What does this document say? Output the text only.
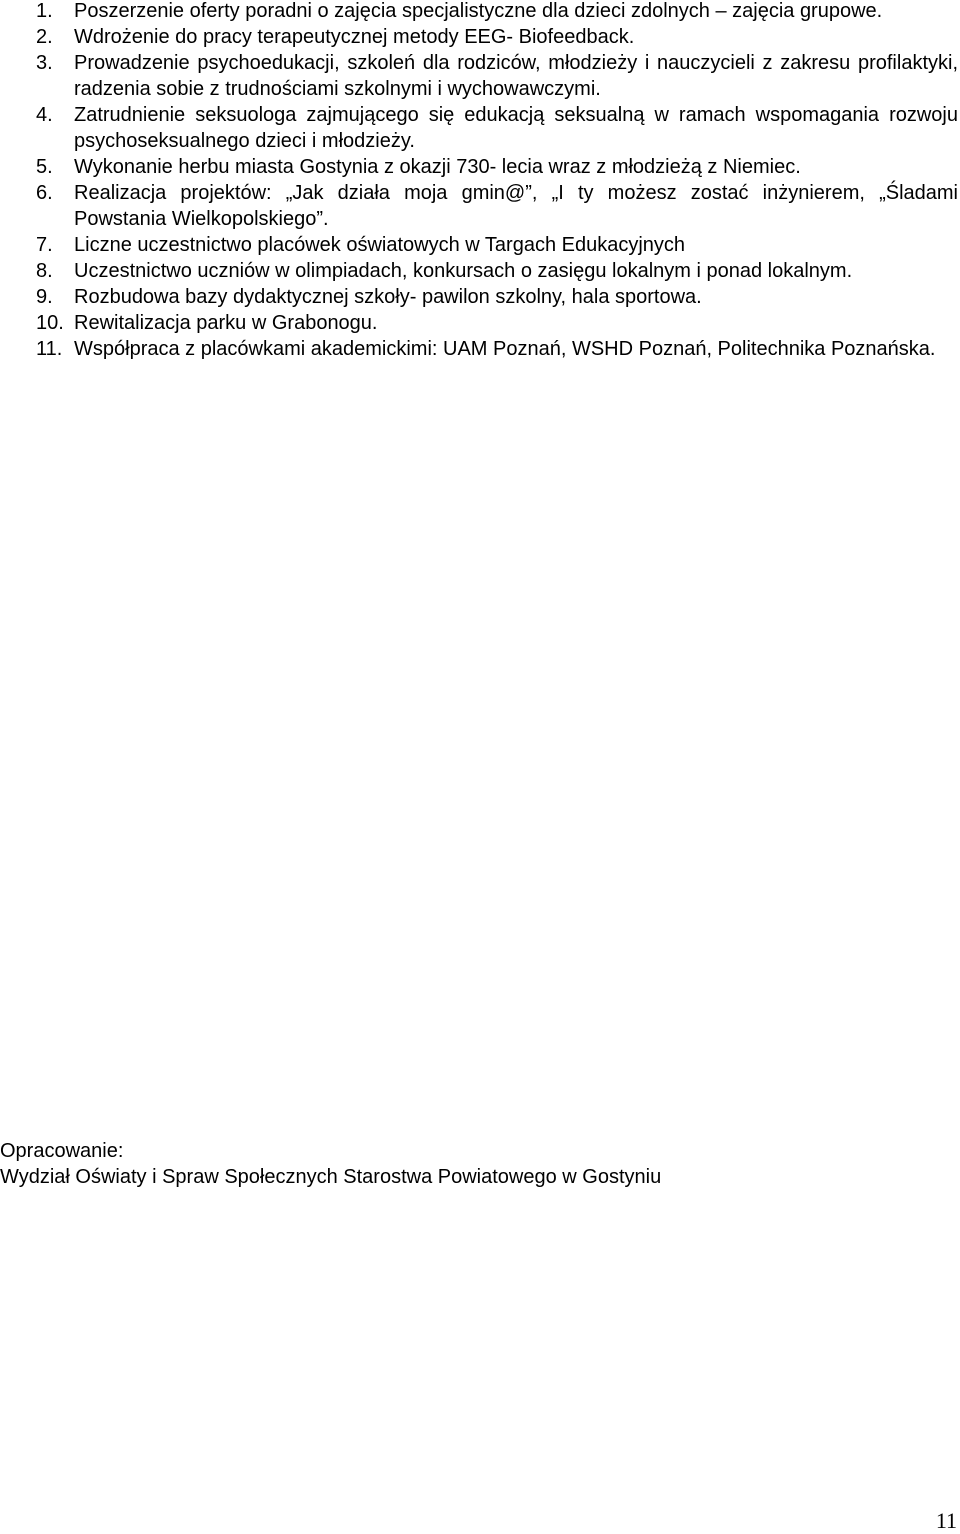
1. Poszerzenie oferty poradni o zajęcia specjalistyczne dla dzieci zdolnych – zajęcia grupowe.
2. Wdrożenie do pracy terapeutycznej metody EEG- Biofeedback.
3. Prowadzenie psychoedukacji, szkoleń dla rodziców, młodzieży i nauczycieli z zakresu profilaktyki, radzenia sobie z trudnościami szkolnymi i wychowawczymi.
4. Zatrudnienie seksuologa zajmującego się edukacją seksualną w ramach wspomagania rozwoju psychoseksualnego dzieci i młodzieży.
5. Wykonanie herbu miasta Gostynia z okazji 730- lecia wraz z młodzieżą z Niemiec.
6. Realizacja projektów: „Jak działa moja gmin@”, „I ty możesz zostać inżynierem, „Śladami Powstania Wielkopolskiego”.
7. Liczne uczestnictwo placówek oświatowych w Targach Edukacyjnych
8. Uczestnictwo uczniów w olimpiadach, konkursach o zasięgu lokalnym i ponad lokalnym.
9. Rozbudowa bazy dydaktycznej szkoły- pawilon szkolny, hala sportowa.
10. Rewitalizacja parku w Grabonogu.
11. Współpraca z placówkami akademickimi: UAM Poznań, WSHD Poznań, Politechnika Poznańska.
Opracowanie:
Wydział Oświaty i Spraw Społecznych Starostwa Powiatowego w Gostyniu
11
